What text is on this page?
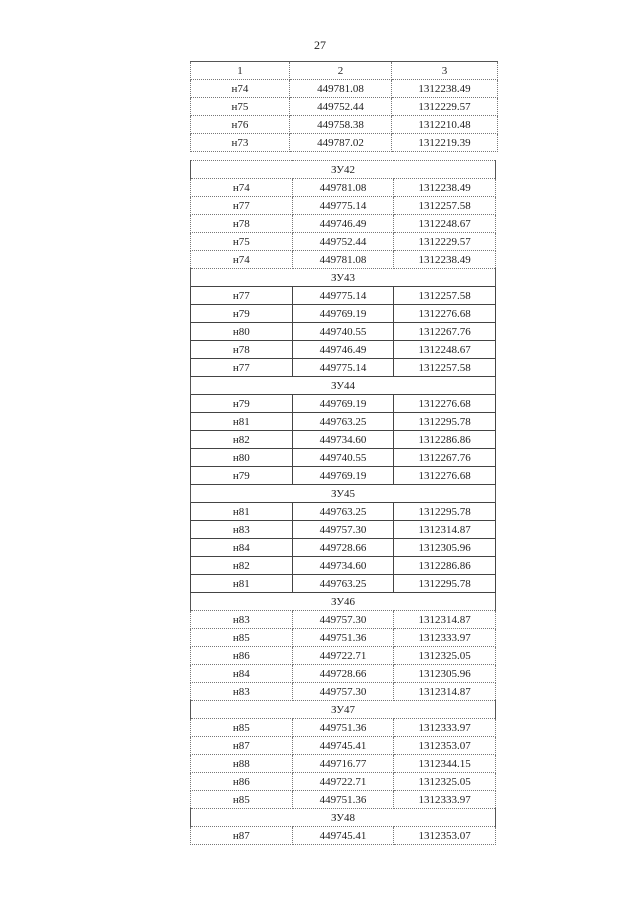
27
1	2	3
н74	449781.08	1312238.49
н75	449752.44	1312229.57
н76	449758.38	1312210.48
н73	449787.02	1312219.39
ЗУ42		
н74	449781.08	1312238.49
н77	449775.14	1312257.58
н78	449746.49	1312248.67
н75	449752.44	1312229.57
н74	449781.08	1312238.49
ЗУ43		
н77	449775.14	1312257.58
н79	449769.19	1312276.68
н80	449740.55	1312267.76
н78	449746.49	1312248.67
н77	449775.14	1312257.58
ЗУ44		
н79	449769.19	1312276.68
н81	449763.25	1312295.78
н82	449734.60	1312286.86
н80	449740.55	1312267.76
н79	449769.19	1312276.68
ЗУ45		
н81	449763.25	1312295.78
н83	449757.30	1312314.87
н84	449728.66	1312305.96
н82	449734.60	1312286.86
н81	449763.25	1312295.78
ЗУ46		
н83	449757.30	1312314.87
н85	449751.36	1312333.97
н86	449722.71	1312325.05
н84	449728.66	1312305.96
н83	449757.30	1312314.87
ЗУ47		
н85	449751.36	1312333.97
н87	449745.41	1312353.07
н88	449716.77	1312344.15
н86	449722.71	1312325.05
н85	449751.36	1312333.97
ЗУ48		
н87	449745.41	1312353.07
